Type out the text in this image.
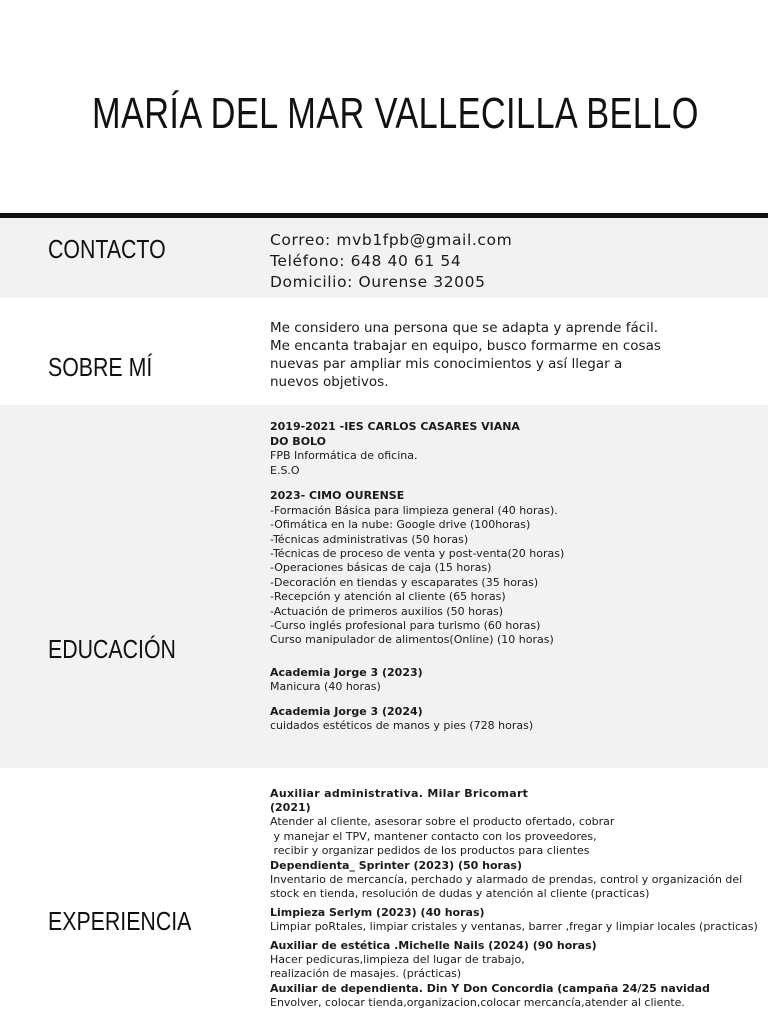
MARÍA DEL MAR VALLECILLA BELLO
CONTACTO	Correo: mvb1fpb@gmail.com
Teléfono: 648 40 61 54
Domicilio: Ourense 32005
SOBRE MÍ
Me considero una persona que se adapta y aprende fácil. Me encanta trabajar en equipo, busco formarme en cosas nuevas par ampliar mis conocimientos y así llegar a nuevos objetivos.
EDUCACIÓN
2019-2021 -IES CARLOS CASARES VIANA DO BOLO
FPB Informática de oficina.
E.S.O
2023- CIMO OURENSE
-Formación Básica para limpieza general (40 horas).
-Ofimática en la nube: Google drive (100horas)
-Técnicas administrativas (50 horas)
-Técnicas de proceso de venta y post-venta(20 horas)
-Operaciones básicas de caja (15 horas)
-Decoración en tiendas y escaparates (35 horas)
-Recepción y atención al cliente (65 horas)
-Actuación de primeros auxilios (50 horas)
-Curso inglés profesional para turismo (60 horas)
Curso manipulador de alimentos(Online) (10 horas)
Academia Jorge 3 (2023)
Manicura (40 horas)
Academia Jorge 3 (2024)
cuidados estéticos de manos y pies (728 horas)
EXPERIENCIA
Auxiliar administrativa. Milar Bricomart
(2021)
Atender al cliente, asesorar sobre el producto ofertado, cobrar
y manejar el TPV, mantener contacto con los proveedores,
recibir y organizar pedidos de los productos para clientes
Dependienta_ Sprinter (2023) (50 horas)
Inventario de mercancía, perchado y alarmado de prendas, control y organización del
stock en tienda, resolución de dudas y atención al cliente (practicas)
Limpieza Serlym (2023) (40 horas)
Limpiar poRtales, limpiar cristales y ventanas, barrer ,fregar y limpiar locales (practicas)
Auxiliar de estética .Michelle Nails (2024) (90 horas)
Hacer pedicuras,limpieza del lugar de trabajo,
realización de masajes. (prácticas)
Auxiliar de dependienta. Din Y Don Concordia (campaña 24/25 navidad
Envolver, colocar tienda,organizacion,colocar mercancía,atender al cliente.
